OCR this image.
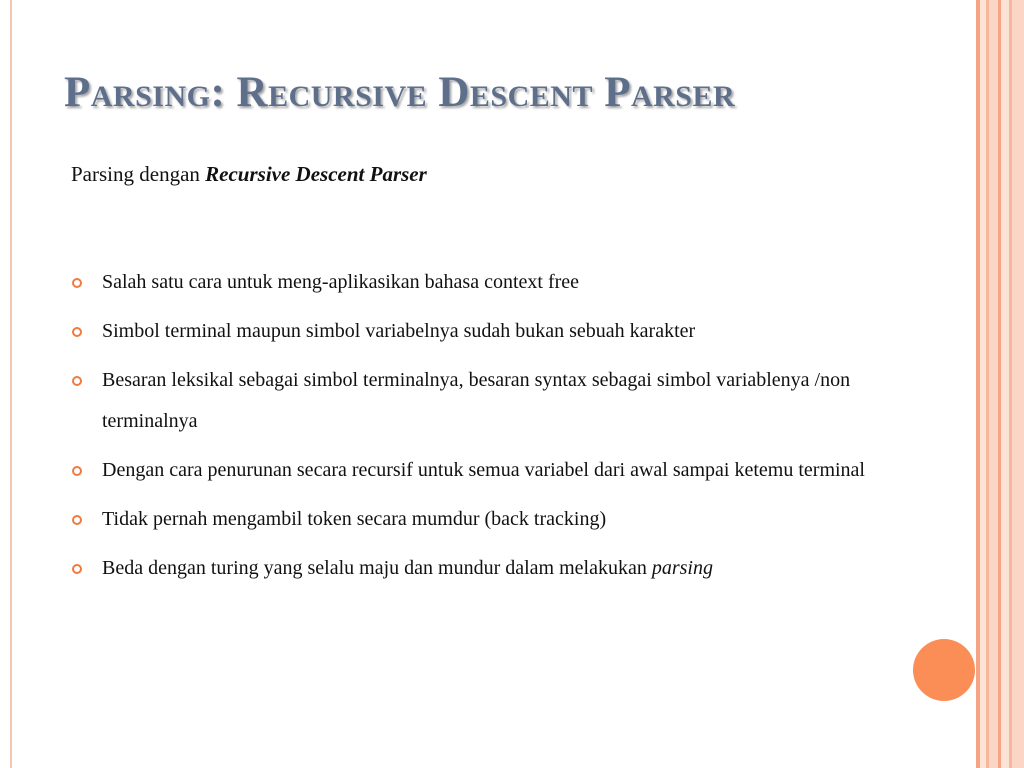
Parsing: Recursive Descent Parser
Parsing dengan Recursive Descent Parser
Salah satu cara untuk meng-aplikasikan bahasa context free
Simbol terminal maupun simbol variabelnya sudah bukan sebuah karakter
Besaran leksikal sebagai simbol terminalnya, besaran syntax sebagai simbol variablenya /non terminalnya
Dengan cara penurunan secara recursif untuk semua variabel dari awal sampai ketemu terminal
Tidak pernah mengambil token secara mumdur (back tracking)
Beda dengan turing yang selalu maju dan mundur dalam melakukan parsing
